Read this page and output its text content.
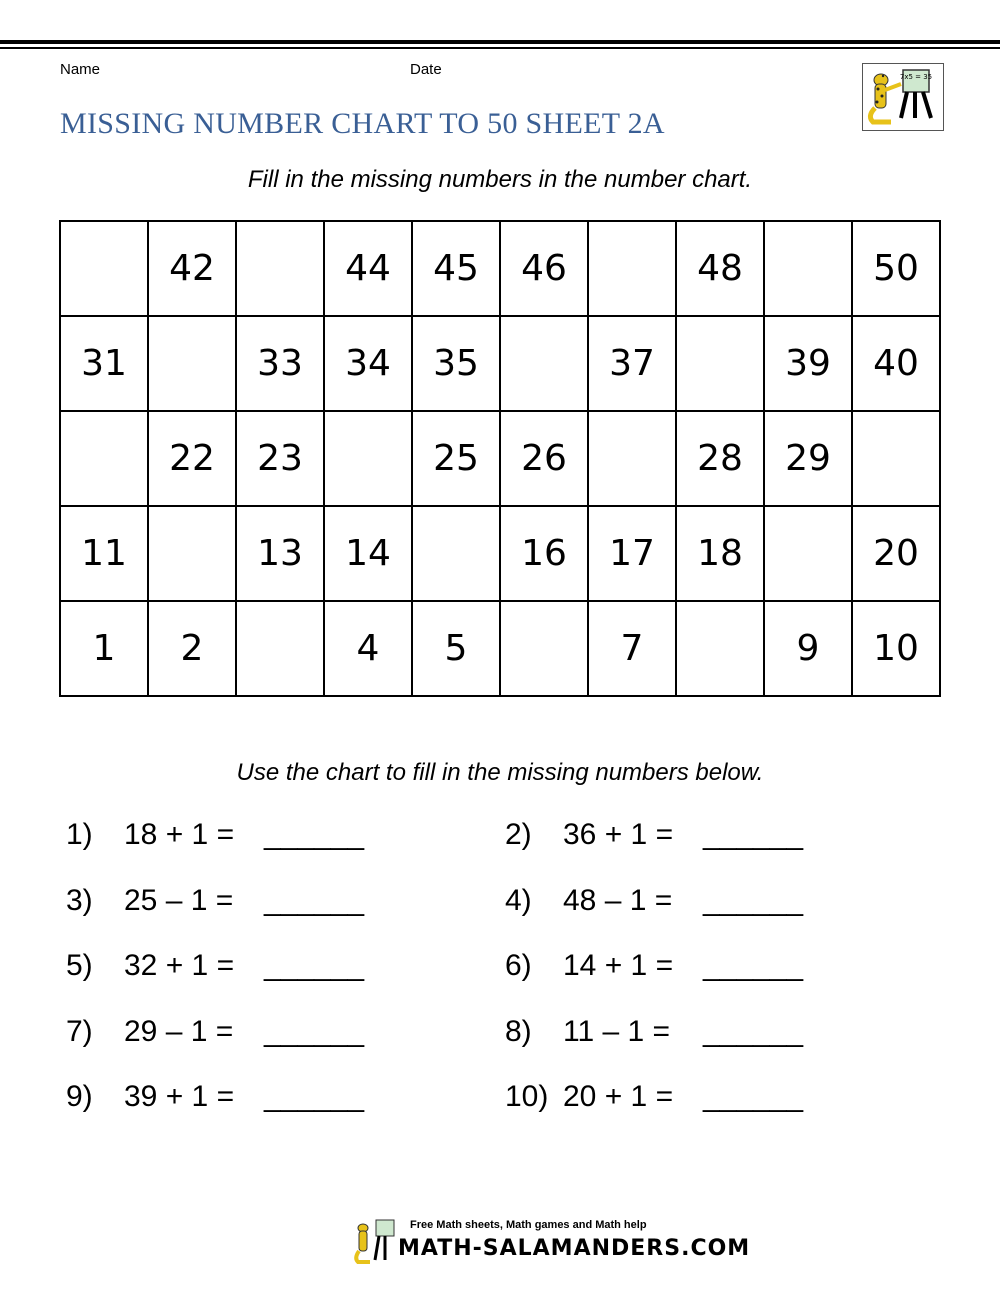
Name	Date
MISSING NUMBER CHART TO 50 SHEET 2A
7x5 = 35
Fill in the missing numbers in the number chart.
	42		44	45	46		48		50
31		33	34	35		37		39	40
	22	23		25	26		28	29	
11		13	14		16	17	18		20
1	2		4	5		7		9	10
Use the chart to fill in the missing numbers below.
1) 18 + 1 = ______	2) 36 + 1 = ______
3) 25 – 1 = ______	4) 48 – 1 = ______
5) 32 + 1 = ______	6) 14 + 1 = ______
7) 29 – 1 = ______	8) 11 – 1 = ______
9) 39 + 1 = ______	10) 20 + 1 = ______
Free Math sheets, Math games and Math help
MATH-SALAMANDERS.COM
